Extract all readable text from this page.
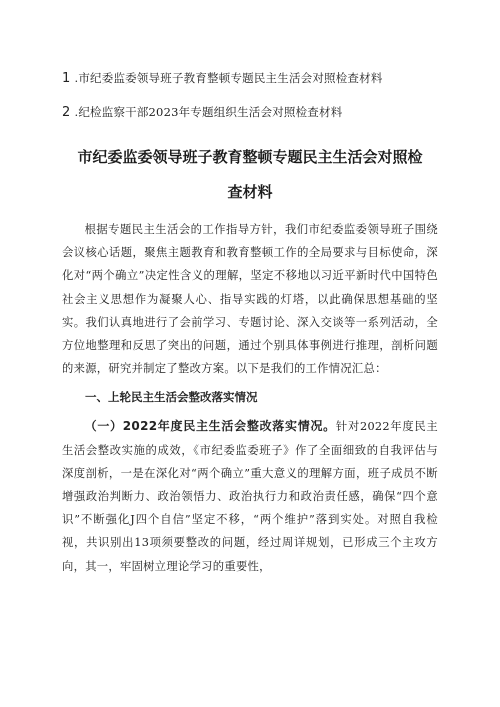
1 .市纪委监委领导班子教育整顿专题民主生活会对照检查材料
2 .纪检监察干部2023年专题组织生活会对照检查材料
市纪委监委领导班子教育整顿专题民主生活会对照检
查材料

根据专题民主生活会的工作指导方针，我们市纪委监委领导班子围绕会议核心话题，聚焦主题教育和教育整顿工作的全局要求与目标使命，深化对“两个确立”决定性含义的理解，坚定不移地以习近平新时代中国特色社会主义思想作为凝聚人心、指导实践的灯塔，以此确保思想基础的坚实。我们认真地进行了会前学习、专题讨论、深入交谈等一系列活动，全方位地整理和反思了突出的问题，通过个别具体事例进行推理，剖析问题的来源，研究并制定了整改方案。以下是我们的工作情况汇总：

一、上轮民主生活会整改落实情况

（一）2022年度民主生活会整改落实情况。针对2022年度民主生活会整改实施的成效，《市纪委监委班子》作了全面细致的自我评估与深度剖析，一是在深化对“两个确立”重大意义的理解方面，班子成员不断增强政治判断力、政治领悟力、政治执行力和政治责任感，确保“四个意识”不断强化J四个自信”坚定不移，“两个维护”落到实处。对照自我检视，共识别出13项须要整改的问题，经过周详规划，已形成三个主攻方向，其一，牢固树立理论学习的重要性，
